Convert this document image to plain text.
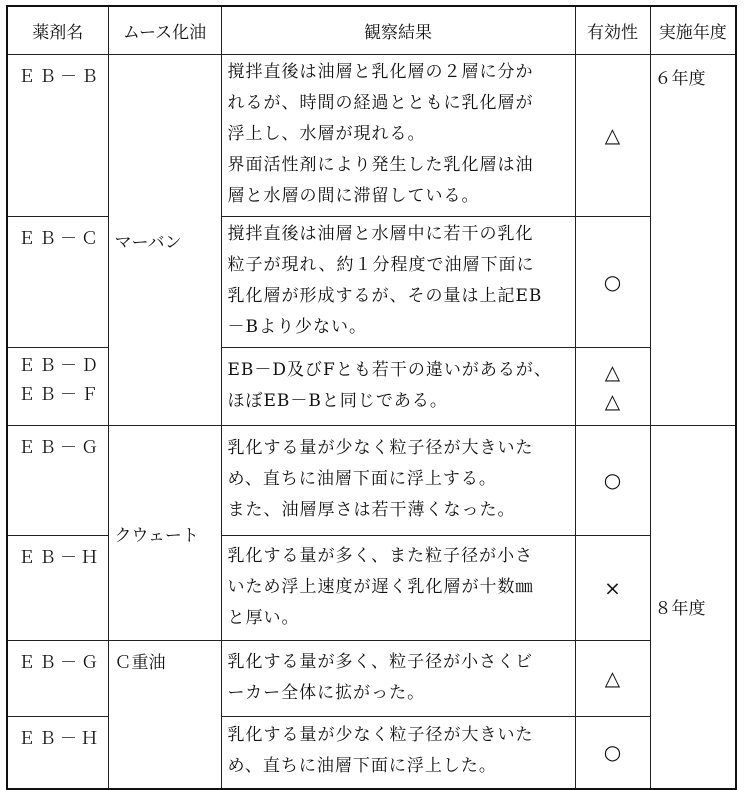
薬剤名	ムース化油	観察結果	有効性	実施年度

ＥＢ－Ｂ	マーバン	撹拌直後は油層と乳化層の２層に分か
れるが、時間の経過とともに乳化層が
浮上し、水層が現れる。
界面活性剤により発生した乳化層は油
層と水層の間に滞留している。	△	６年度

ＥＢ－Ｃ		撹拌直後は油層と水層中に若干の乳化
粒子が現れ、約１分程度で油層下面に
乳化層が形成するが、その量は上記EB
－Bより少ない。	○	

ＥＢ－Ｄ
ＥＢ－Ｆ		EB－D及びFとも若干の違いがあるが、
ほぼEB－Bと同じである。	△
△	

ＥＢ－Ｇ	クウェート	乳化する量が少なく粒子径が大きいた
め、直ちに油層下面に浮上する。
また、油層厚さは若干薄くなった。	○	８年度

ＥＢ－Ｈ		乳化する量が多く、また粒子径が小さ
いため浮上速度が遅く乳化層が十数㎜
と厚い。	×	

ＥＢ－Ｇ	Ｃ重油	乳化する量が多く、粒子径が小さくビ
ーカー全体に拡がった。	△	

ＥＢ－Ｈ		乳化する量が少なく粒子径が大きいた
め、直ちに油層下面に浮上した。	○	
